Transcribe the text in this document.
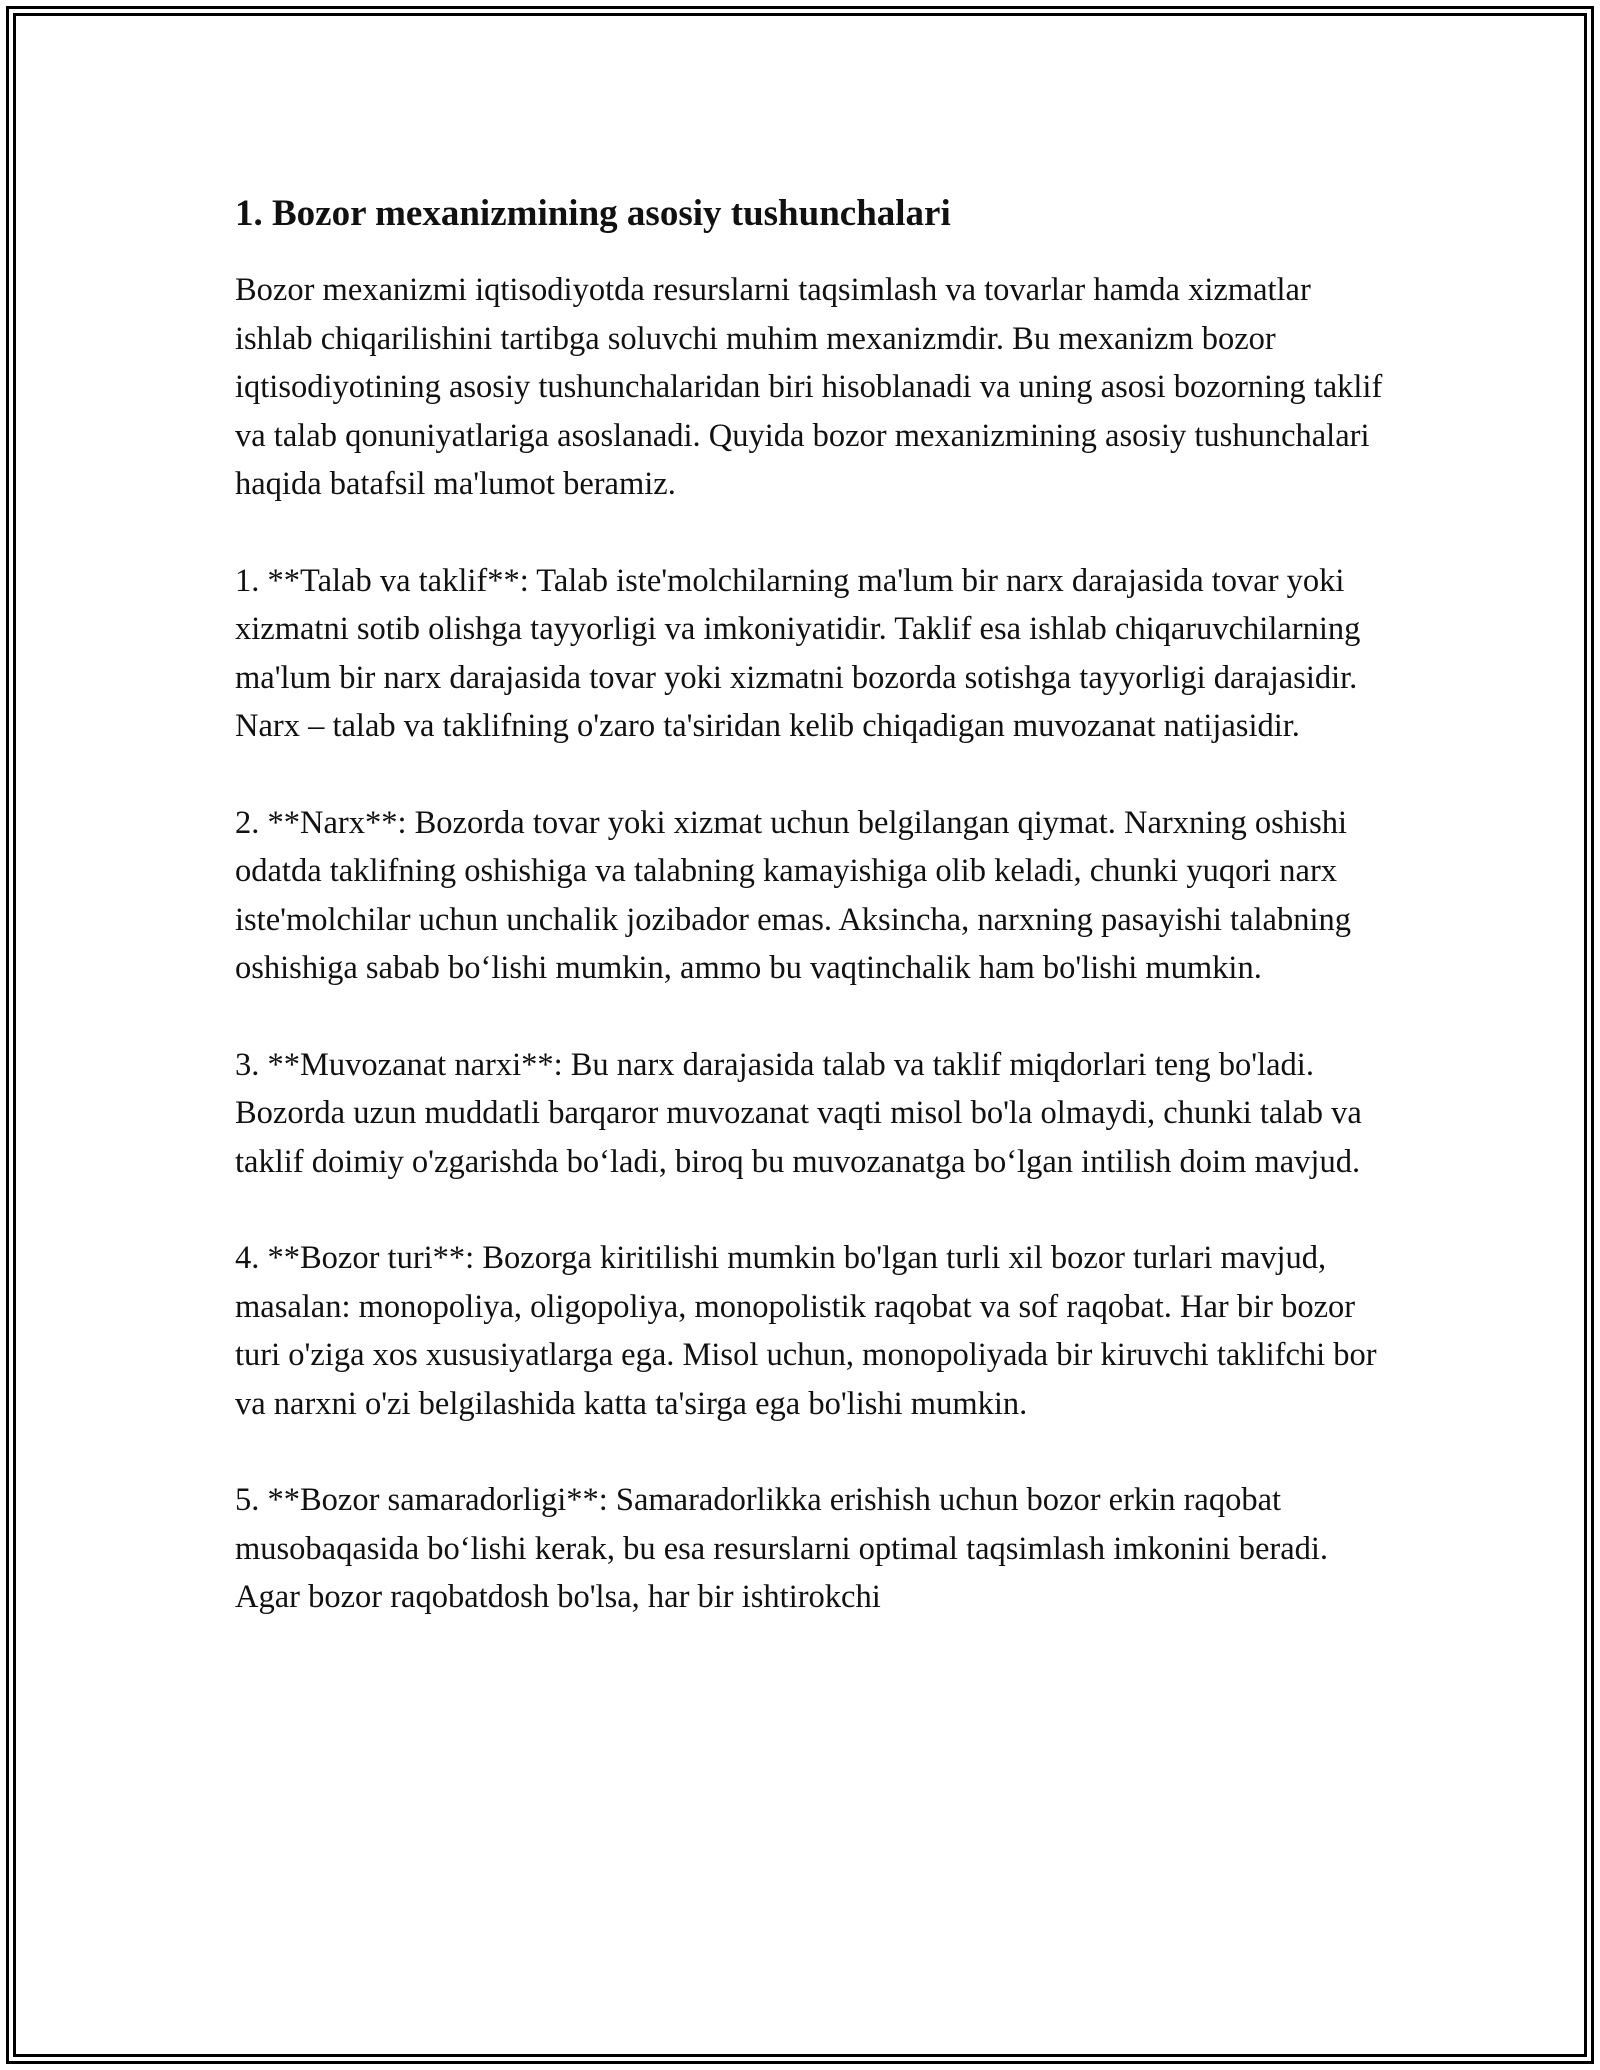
1. Bozor mexanizmining asosiy tushunchalari

Bozor mexanizmi iqtisodiyotda resurslarni taqsimlash va tovarlar hamda xizmatlar ishlab chiqarilishini tartibga soluvchi muhim mexanizmdir. Bu mexanizm bozor iqtisodiyotining asosiy tushunchalaridan biri hisoblanadi va uning asosi bozorning taklif va talab qonuniyatlariga asoslanadi. Quyida bozor mexanizmining asosiy tushunchalari haqida batafsil ma'lumot beramiz.

1. **Talab va taklif**: Talab iste'molchilarning ma'lum bir narx darajasida tovar yoki xizmatni sotib olishga tayyorligi va imkoniyatidir. Taklif esa ishlab chiqaruvchilarning ma'lum bir narx darajasida tovar yoki xizmatni bozorda sotishga tayyorligi darajasidir. Narx – talab va taklifning o'zaro ta'siridan kelib chiqadigan muvozanat natijasidir.

2. **Narx**: Bozorda tovar yoki xizmat uchun belgilangan qiymat. Narxning oshishi odatda taklifning oshishiga va talabning kamayishiga olib keladi, chunki yuqori narx iste'molchilar uchun unchalik jozibador emas. Aksincha, narxning pasayishi talabning oshishiga sabab bo‘lishi mumkin, ammo bu vaqtinchalik ham bo'lishi mumkin.

3. **Muvozanat narxi**: Bu narx darajasida talab va taklif miqdorlari teng bo'ladi. Bozorda uzun muddatli barqaror muvozanat vaqti misol bo'la olmaydi, chunki talab va taklif doimiy o'zgarishda bo‘ladi, biroq bu muvozanatga bo‘lgan intilish doim mavjud.

4. **Bozor turi**: Bozorga kiritilishi mumkin bo'lgan turli xil bozor turlari mavjud, masalan: monopoliya, oligopoliya, monopolistik raqobat va sof raqobat. Har bir bozor turi o'ziga xos xususiyatlarga ega. Misol uchun, monopoliyada bir kiruvchi taklifchi bor va narxni o'zi belgilashida katta ta'sirga ega bo'lishi mumkin.

5. **Bozor samaradorligi**: Samaradorlikka erishish uchun bozor erkin raqobat musobaqasida bo‘lishi kerak, bu esa resurslarni optimal taqsimlash imkonini beradi. Agar bozor raqobatdosh bo'lsa, har bir ishtirokchi
